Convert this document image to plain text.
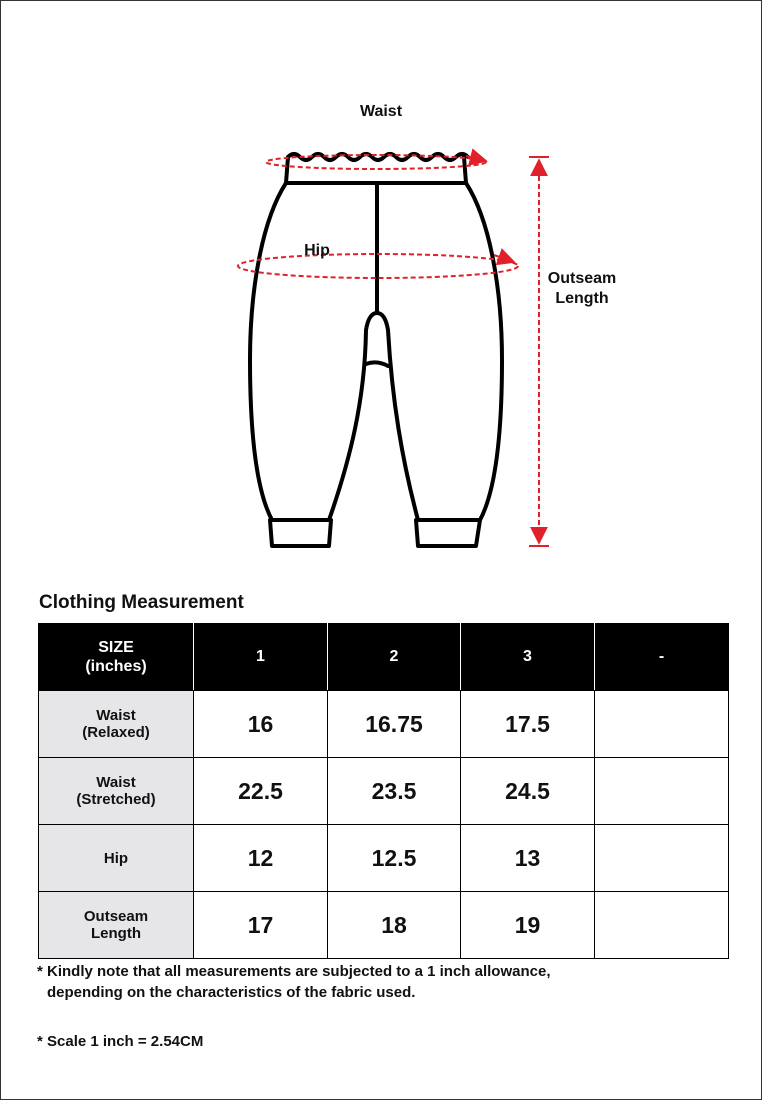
Waist
Hip
Outseam
Length
Clothing Measurement
SIZE
(inches)	1	2	3	-

Waist
(Relaxed)	16	16.75	17.5	

Waist
(Stretched)	22.5	23.5	24.5	

Hip	12	12.5	13	

Outseam
Length	17	18	19	
* Kindly note that all measurements are subjected to a 1 inch allowance,
depending on the characteristics of the fabric used.
* Scale 1 inch = 2.54CM
